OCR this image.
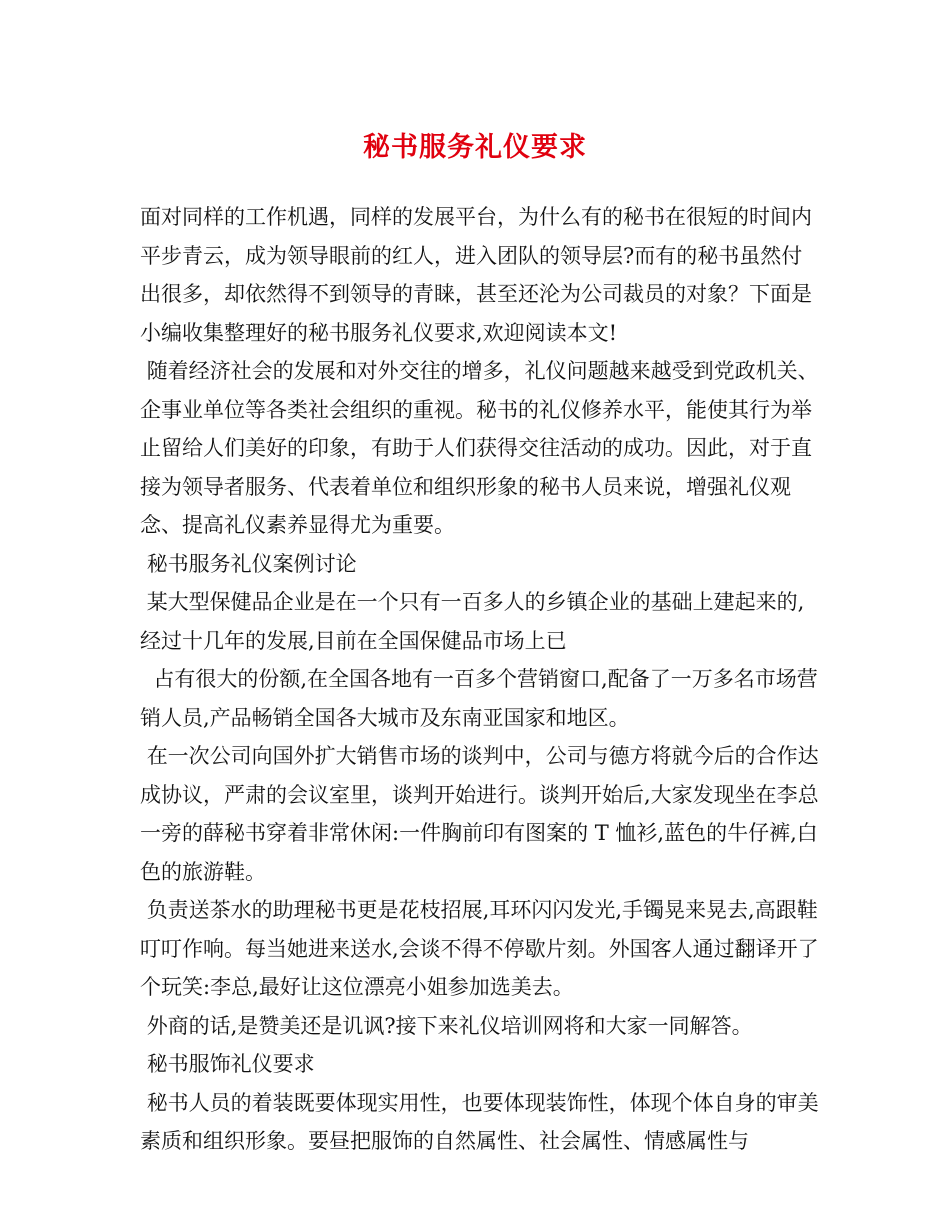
秘书服务礼仪要求

面对同样的工作机遇，同样的发展平台，为什么有的秘书在很短的时间内平步青云，成为领导眼前的红人，进入团队的领导层?而有的秘书虽然付出很多，却依然得不到领导的青睐，甚至还沦为公司裁员的对象？下面是小编收集整理好的秘书服务礼仪要求,欢迎阅读本文!

随着经济社会的发展和对外交往的增多，礼仪问题越来越受到党政机关、企事业单位等各类社会组织的重视。秘书的礼仪修养水平，能使其行为举止留给人们美好的印象，有助于人们获得交往活动的成功。因此，对于直接为领导者服务、代表着单位和组织形象的秘书人员来说，增强礼仪观念、提高礼仪素养显得尤为重要。

秘书服务礼仪案例讨论

某大型保健品企业是在一个只有一百多人的乡镇企业的基础上建起来的,经过十几年的发展,目前在全国保健品市场上已

占有很大的份额,在全国各地有一百多个营销窗口,配备了一万多名市场营销人员,产品畅销全国各大城市及东南亚国家和地区。

在一次公司向国外扩大销售市场的谈判中，公司与德方将就今后的合作达成协议，严肃的会议室里，谈判开始进行。谈判开始后,大家发现坐在李总一旁的薛秘书穿着非常休闲:一件胸前印有图案的 T 恤衫,蓝色的牛仔裤,白色的旅游鞋。

负责送茶水的助理秘书更是花枝招展,耳环闪闪发光,手镯晃来晃去,高跟鞋叮叮作响。每当她进来送水,会谈不得不停歇片刻。外国客人通过翻译开了个玩笑:李总,最好让这位漂亮小姐参加选美去。

外商的话,是赞美还是讥讽?接下来礼仪培训网将和大家一同解答。

秘书服饰礼仪要求

秘书人员的着装既要体现实用性，也要体现装饰性，体现个体自身的审美素质和组织形象。要昼把服饰的自然属性、社会属性、情感属性与
